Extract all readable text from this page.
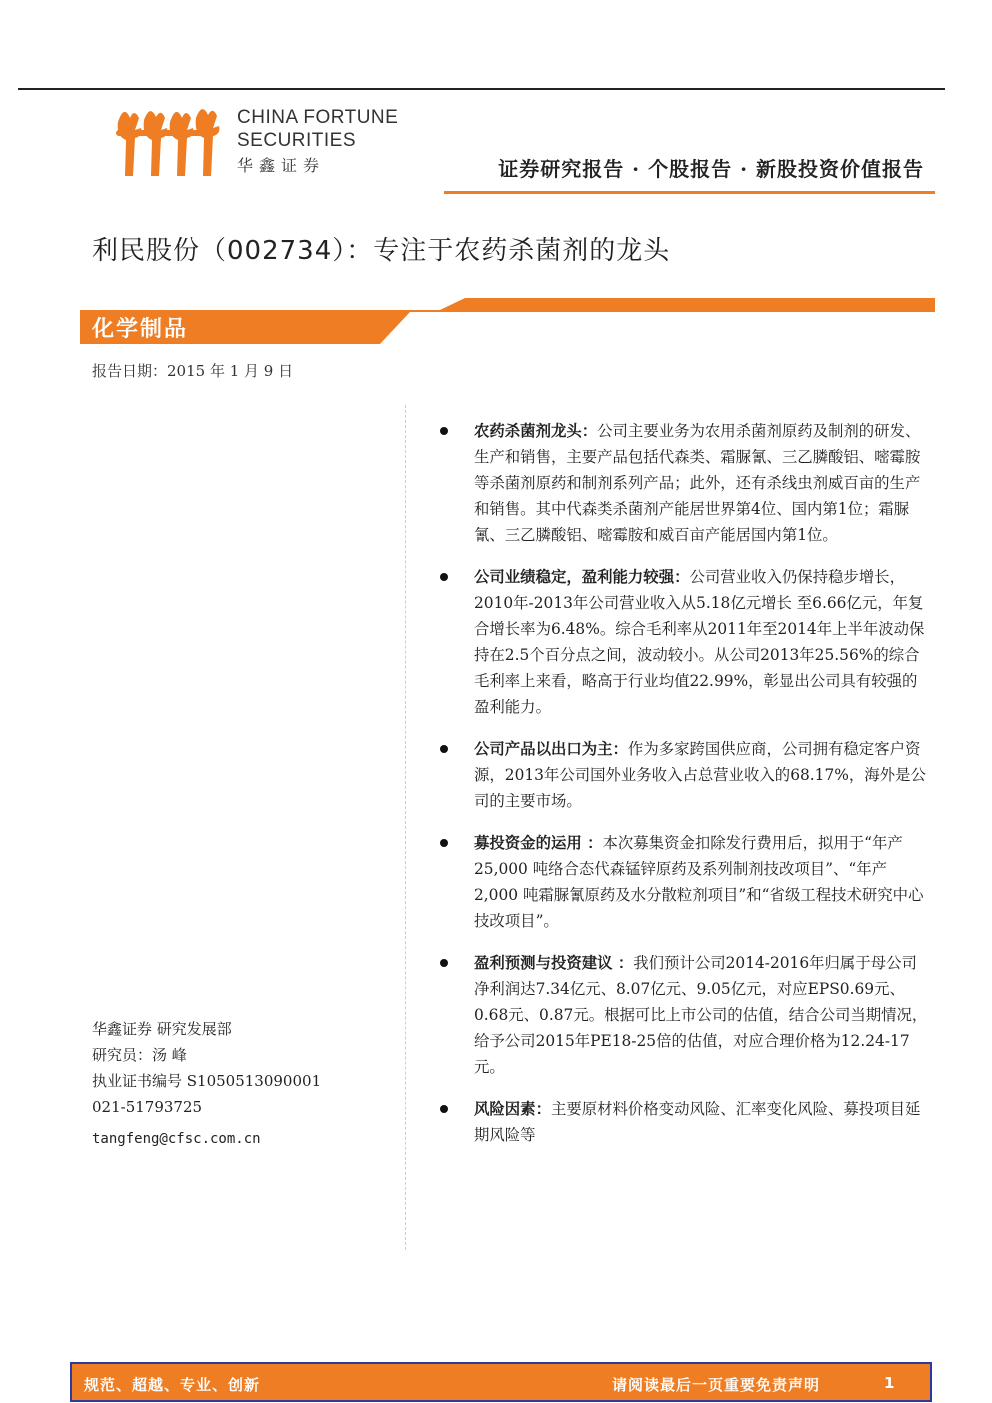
CHINA FORTUNE
SECURITIES
华鑫证券	证券研究报告 · 个股报告 · 新股投资价值报告
利民股份（002734）：专注于农药杀菌剂的龙头
化学制品
报告日期：2015 年 1 月 9 日
农药杀菌剂龙头：公司主要业务为农用杀菌剂原药及制剂的研发、生产和销售，主要产品包括代森类、霜脲氰、三乙膦酸铝、嘧霉胺等杀菌剂原药和制剂系列产品；此外，还有杀线虫剂威百亩的生产和销售。其中代森类杀菌剂产能居世界第4位、国内第1位；霜脲氰、三乙膦酸铝、嘧霉胺和威百亩产能居国内第1位。
公司业绩稳定，盈利能力较强：公司营业收入仍保持稳步增长，2010年-2013年公司营业收入从5.18亿元增长 至6.66亿元，年复合增长率为6.48%。综合毛利率从2011年至2014年上半年波动保持在2.5个百分点之间，波动较小。从公司2013年25.56%的综合毛利率上来看，略高于行业均值22.99%，彰显出公司具有较强的盈利能力。
公司产品以出口为主：作为多家跨国供应商，公司拥有稳定客户资源，2013年公司国外业务收入占总营业收入的68.17%，海外是公司的主要市场。
募投资金的运用 ：本次募集资金扣除发行费用后，拟用于“年产25,000 吨络合态代森锰锌原药及系列制剂技改项目”、“年产2,000 吨霜脲氰原药及水分散粒剂项目”和“省级工程技术研究中心技改项目”。
盈利预测与投资建议 ：我们预计公司2014-2016年归属于母公司净利润达7.34亿元、8.07亿元、9.05亿元，对应EPS0.69元、0.68元、0.87元。根据可比上市公司的估值，结合公司当期情况，给予公司2015年PE18-25倍的估值，对应合理价格为12.24-17元。
风险因素：主要原材料价格变动风险、汇率变化风险、募投项目延期风险等
华鑫证券 研究发展部
研究员：汤 峰
执业证书编号 S1050513090001
021-51793725
tangfeng@cfsc.com.cn
规范、超越、专业、创新	请阅读最后一页重要免责声明	1
